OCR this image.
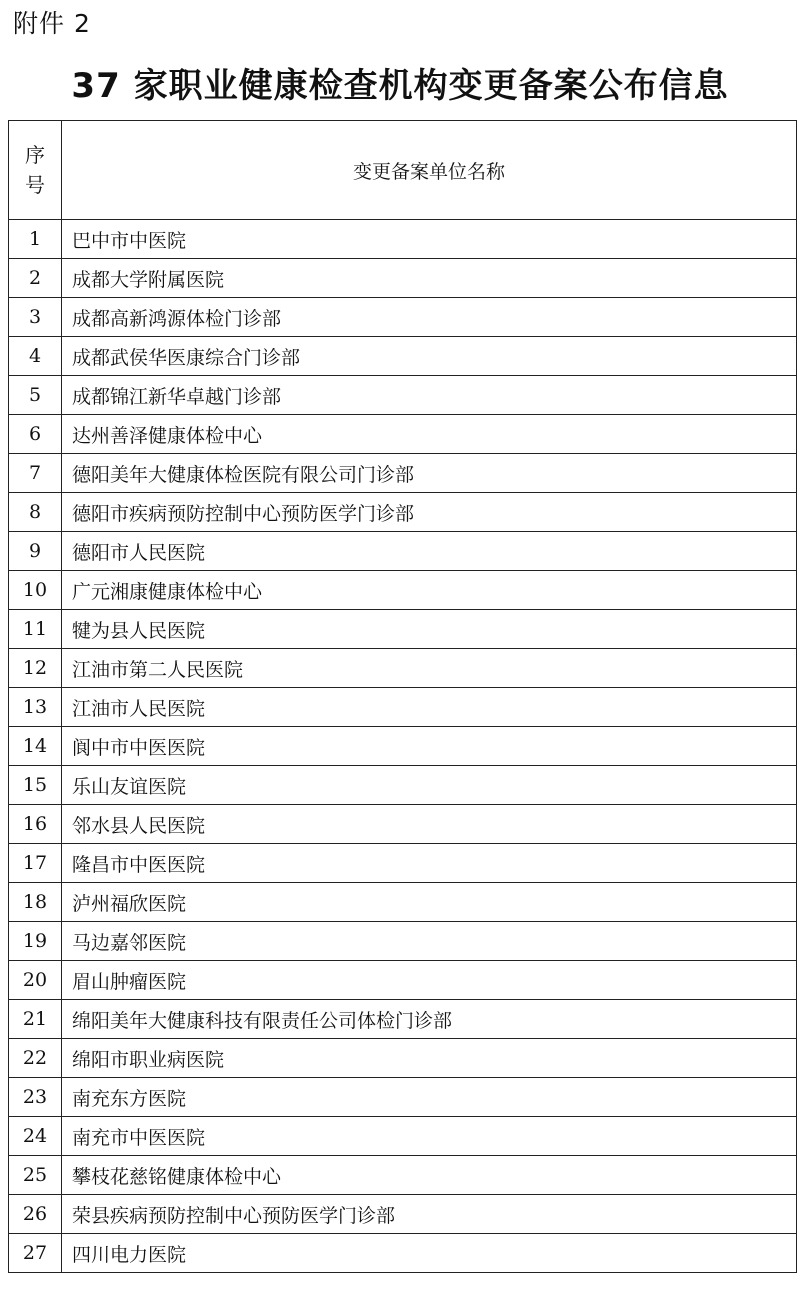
附件 2
37 家职业健康检查机构变更备案公布信息
序
号	变更备案单位名称
1	巴中市中医院
2	成都大学附属医院
3	成都高新鸿源体检门诊部
4	成都武侯华医康综合门诊部
5	成都锦江新华卓越门诊部
6	达州善泽健康体检中心
7	德阳美年大健康体检医院有限公司门诊部
8	德阳市疾病预防控制中心预防医学门诊部
9	德阳市人民医院
10	广元湘康健康体检中心
11	犍为县人民医院
12	江油市第二人民医院
13	江油市人民医院
14	阆中市中医医院
15	乐山友谊医院
16	邻水县人民医院
17	隆昌市中医医院
18	泸州福欣医院
19	马边嘉邻医院
20	眉山肿瘤医院
21	绵阳美年大健康科技有限责任公司体检门诊部
22	绵阳市职业病医院
23	南充东方医院
24	南充市中医医院
25	攀枝花慈铭健康体检中心
26	荣县疾病预防控制中心预防医学门诊部
27	四川电力医院
